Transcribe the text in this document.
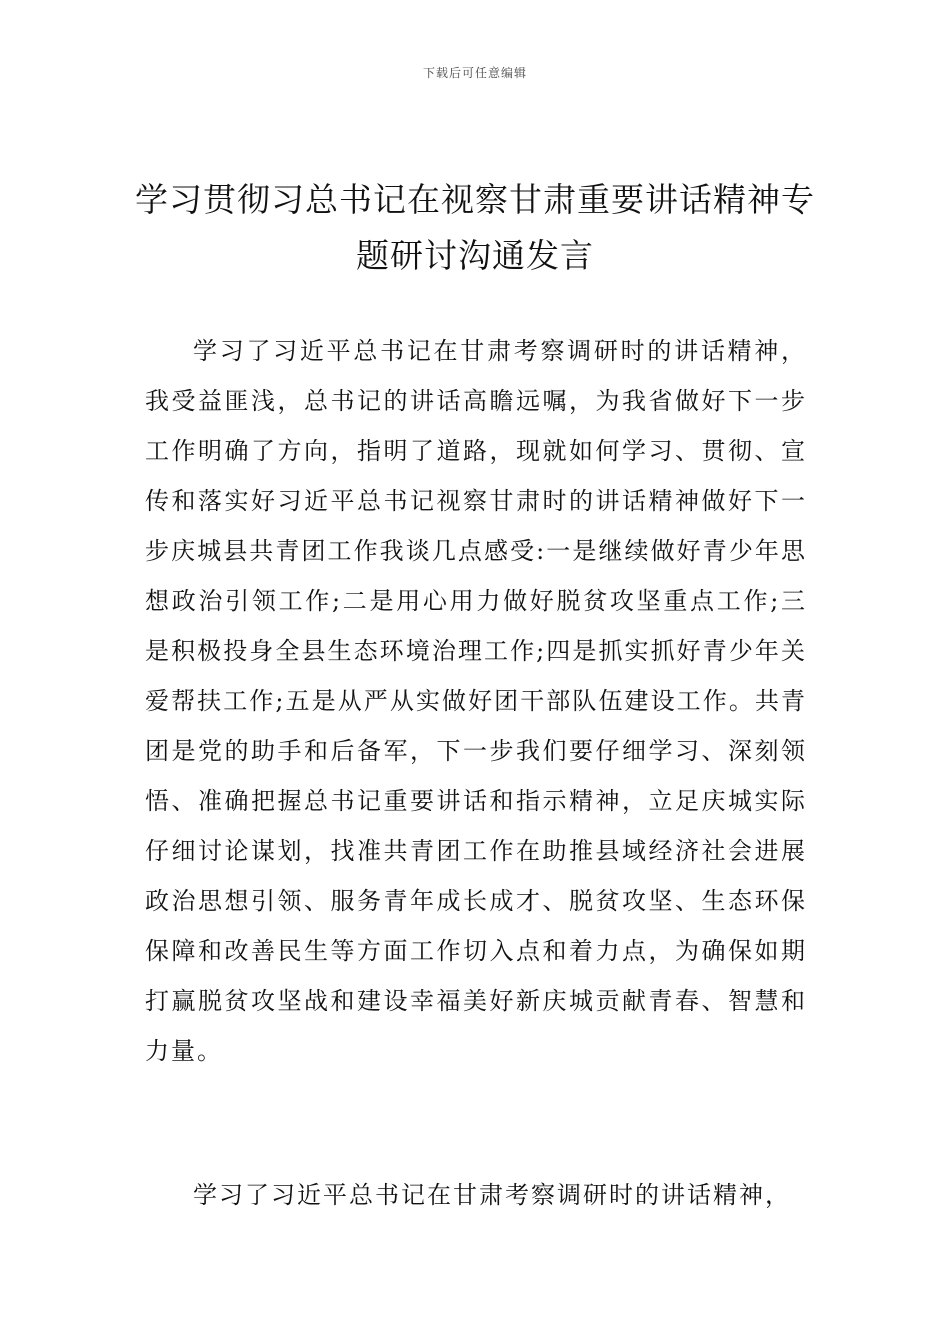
下载后可任意编辑
学习贯彻习总书记在视察甘肃重要讲话精神专题研讨沟通发言

学习了习近平总书记在甘肃考察调研时的讲话精神，我受益匪浅，总书记的讲话高瞻远嘱，为我省做好下一步工作明确了方向，指明了道路，现就如何学习、贯彻、宣传和落实好习近平总书记视察甘肃时的讲话精神做好下一步庆城县共青团工作我谈几点感受:一是继续做好青少年思想政治引领工作;二是用心用力做好脱贫攻坚重点工作;三是积极投身全县生态环境治理工作;四是抓实抓好青少年关爱帮扶工作;五是从严从实做好团干部队伍建设工作。共青团是党的助手和后备军，下一步我们要仔细学习、深刻领悟、准确把握总书记重要讲话和指示精神，立足庆城实际仔细讨论谋划，找准共青团工作在助推县域经济社会进展政治思想引领、服务青年成长成才、脱贫攻坚、生态环保保障和改善民生等方面工作切入点和着力点，为确保如期打赢脱贫攻坚战和建设幸福美好新庆城贡献青春、智慧和力量。

学习了习近平总书记在甘肃考察调研时的讲话精神，
